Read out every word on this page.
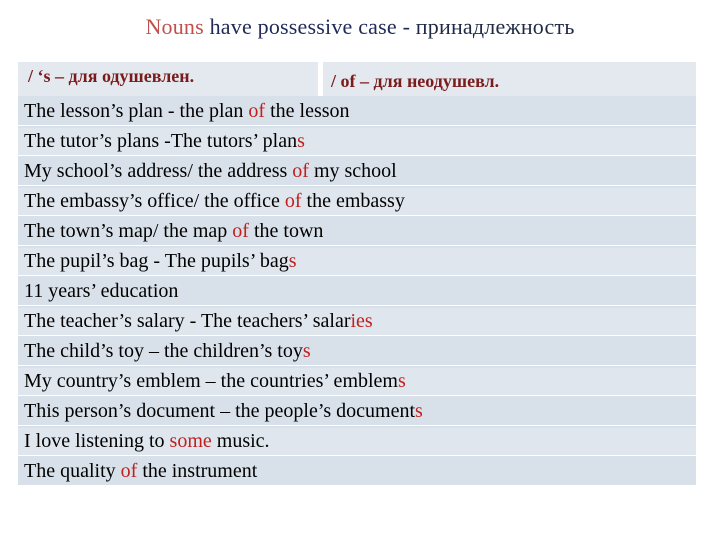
Nouns have possessive case - принадлежность
/ ‘s – для одушевлен.	/ of – для неодушевл.
The lesson’s plan - the plan of the lesson
The tutor’s plans -The tutors’ plans
My school’s address/ the address of my school
The embassy’s office/ the office of the embassy
The town’s map/ the map of the town
The pupil’s bag - The pupils’ bags
11 years’ education
The teacher’s salary - The teachers’ salaries
The child’s toy – the children’s toys
My country’s emblem – the countries’ emblems
This person’s document – the people’s documents
I love listening to some music.
The quality of the instrument
